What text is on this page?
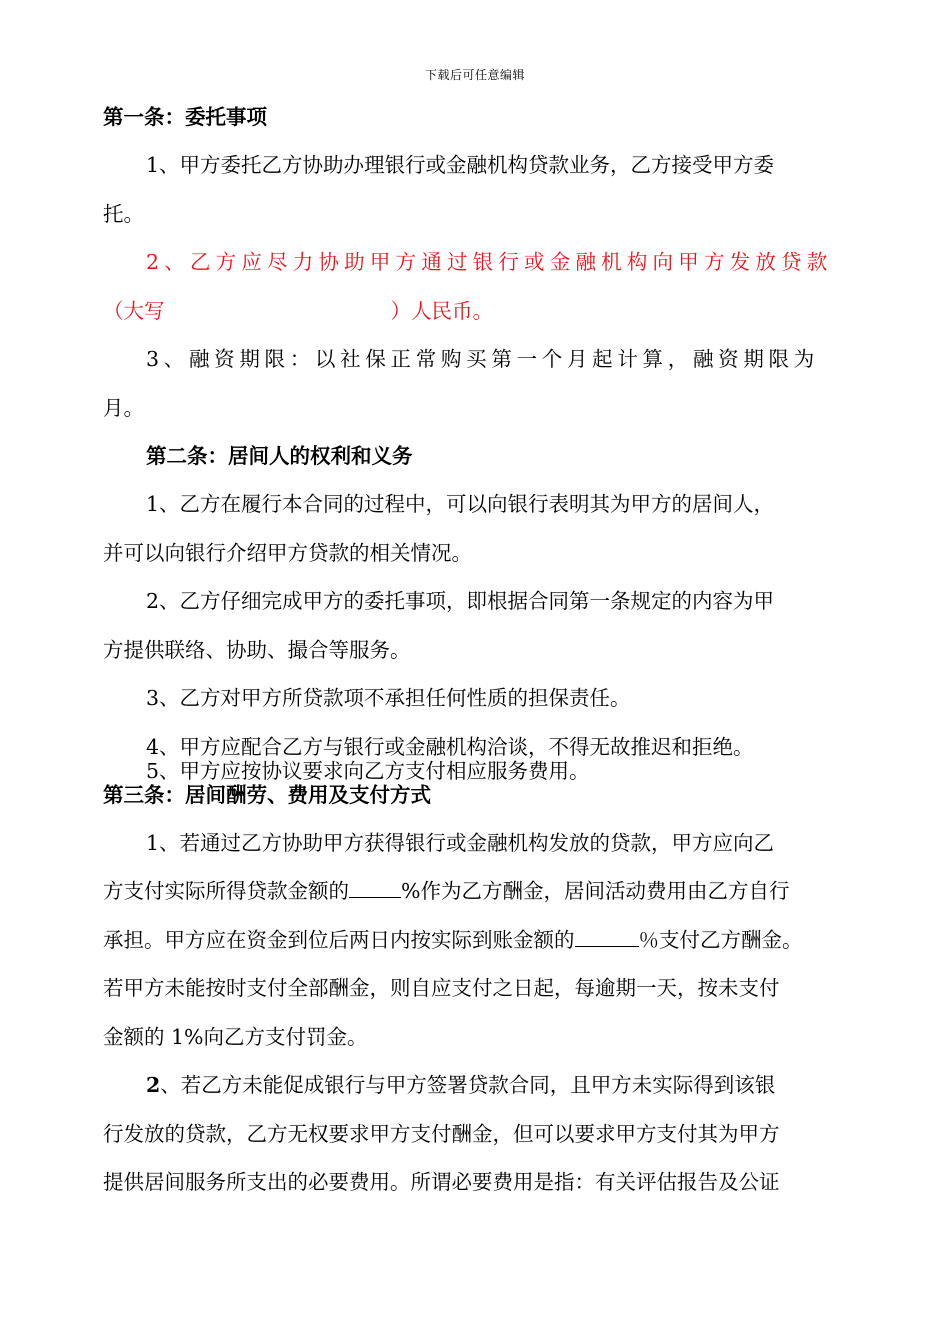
下载后可任意编辑
第一条：委托事项
1、甲方委托乙方协助办理银行或金融机构贷款业务，乙方接受甲方委
托。
2、乙方应尽力协助甲方通过银行或金融机构向甲方发放贷款
（大写	）人民币。
3、融资期限：以社保正常购买第一个月起计算，融资期限为
月。
第二条：居间人的权利和义务
1、乙方在履行本合同的过程中，可以向银行表明其为甲方的居间人，
并可以向银行介绍甲方贷款的相关情况。
2、乙方仔细完成甲方的委托事项，即根据合同第一条规定的内容为甲
方提供联络、协助、撮合等服务。
3、乙方对甲方所贷款项不承担任何性质的担保责任。
4、甲方应配合乙方与银行或金融机构洽谈，不得无故推迟和拒绝。
5、甲方应按协议要求向乙方支付相应服务费用。
第三条：居间酬劳、费用及支付方式
1、若通过乙方协助甲方获得银行或金融机构发放的贷款，甲方应向乙
方支付实际所得贷款金额的	%作为乙方酬金，居间活动费用由乙方自行
承担。甲方应在资金到位后两日内按实际到账金额的	％支付乙方酬金。
若甲方未能按时支付全部酬金，则自应支付之日起，每逾期一天，按未支付
金额的 1%向乙方支付罚金。
2、若乙方未能促成银行与甲方签署贷款合同，且甲方未实际得到该银
行发放的贷款，乙方无权要求甲方支付酬金，但可以要求甲方支付其为甲方
提供居间服务所支出的必要费用。所谓必要费用是指：有关评估报告及公证
